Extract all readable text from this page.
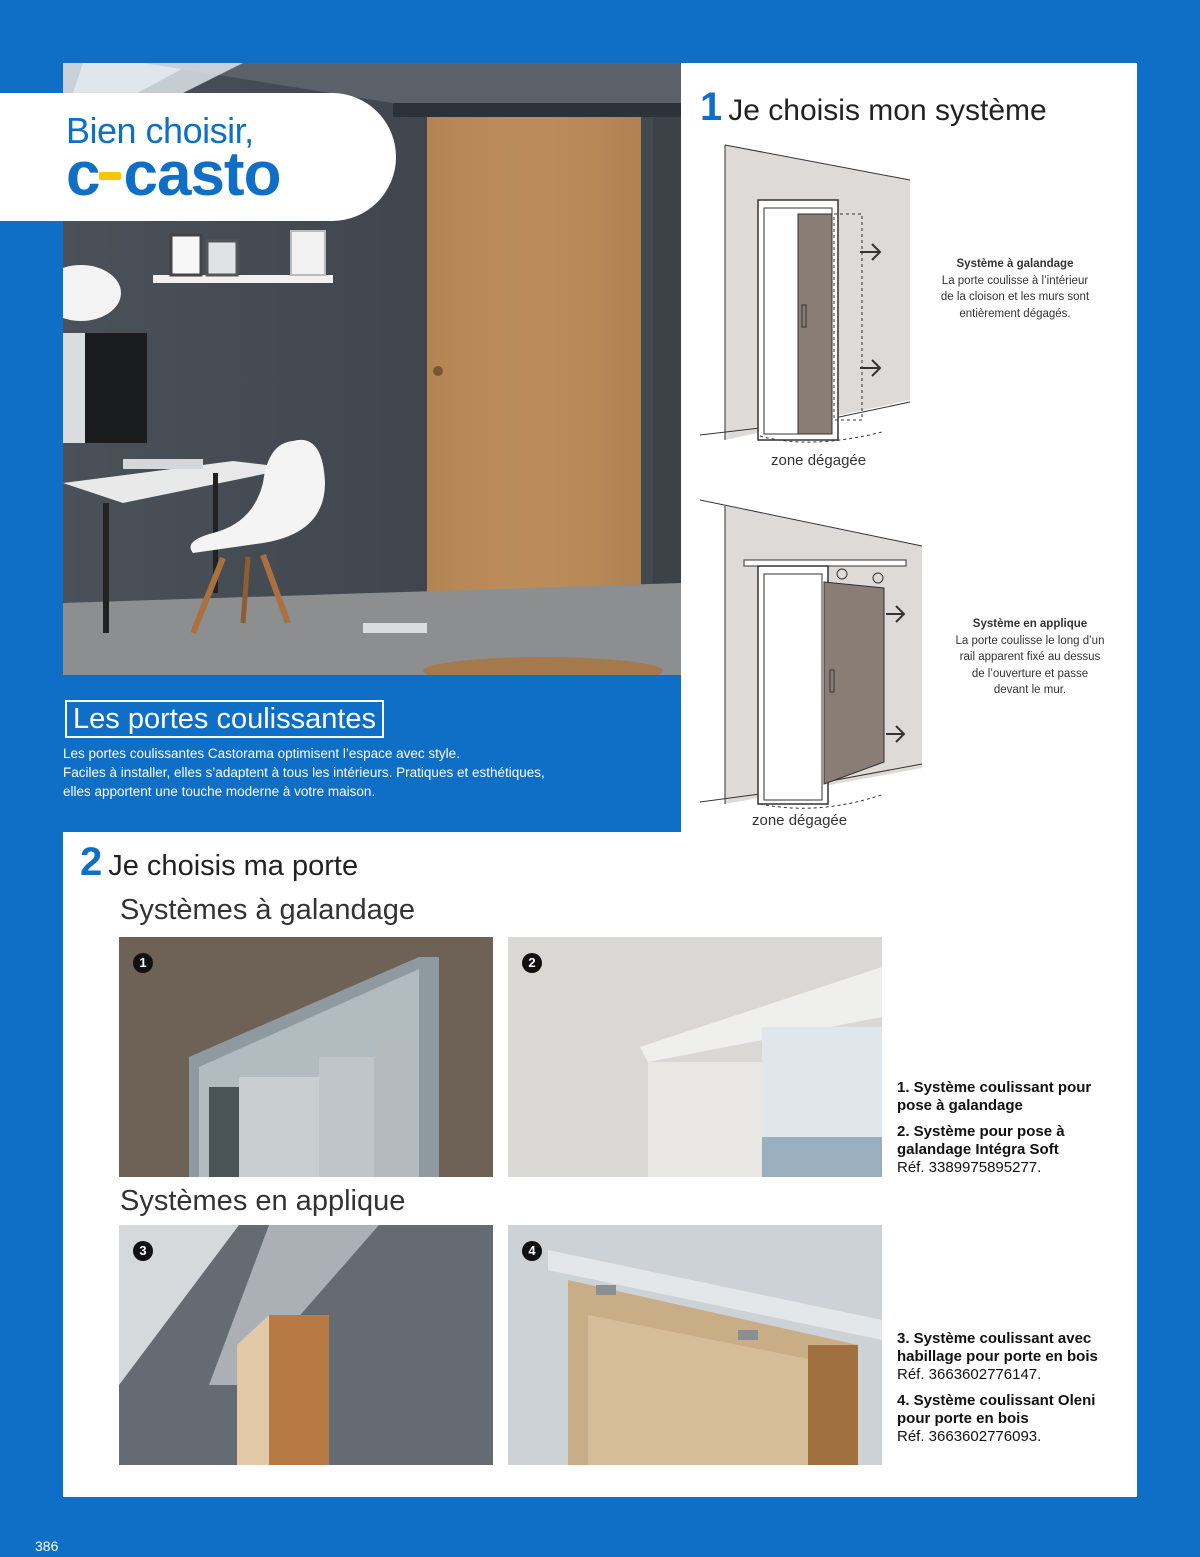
Bien choisir,
c casto
Les portes coulissantes
Les portes coulissantes Castorama optimisent l’espace avec style.
Faciles à installer, elles s’adaptent à tous les intérieurs. Pratiques et esthétiques,
elles apportent une touche moderne à votre maison.
1 Je choisis mon système
Système à galandage
La porte coulisse à l’intérieur
de la cloison et les murs sont
entièrement dégagés.
zone dégagée
Système en applique
La porte coulisse le long d’un
rail apparent fixé au dessus
de l’ouverture et passe
devant le mur.
zone dégagée
2 Je choisis ma porte
Systèmes à galandage
1	2
1. Système coulissant pour pose à galandage
2. Système pour pose à galandage Intégra Soft
Réf. 3389975895277.
Systèmes en applique
3	4
3. Système coulissant avec habillage pour porte en bois
Réf. 3663602776147.
4. Système coulissant Oleni pour porte en bois
Réf. 3663602776093.
386
